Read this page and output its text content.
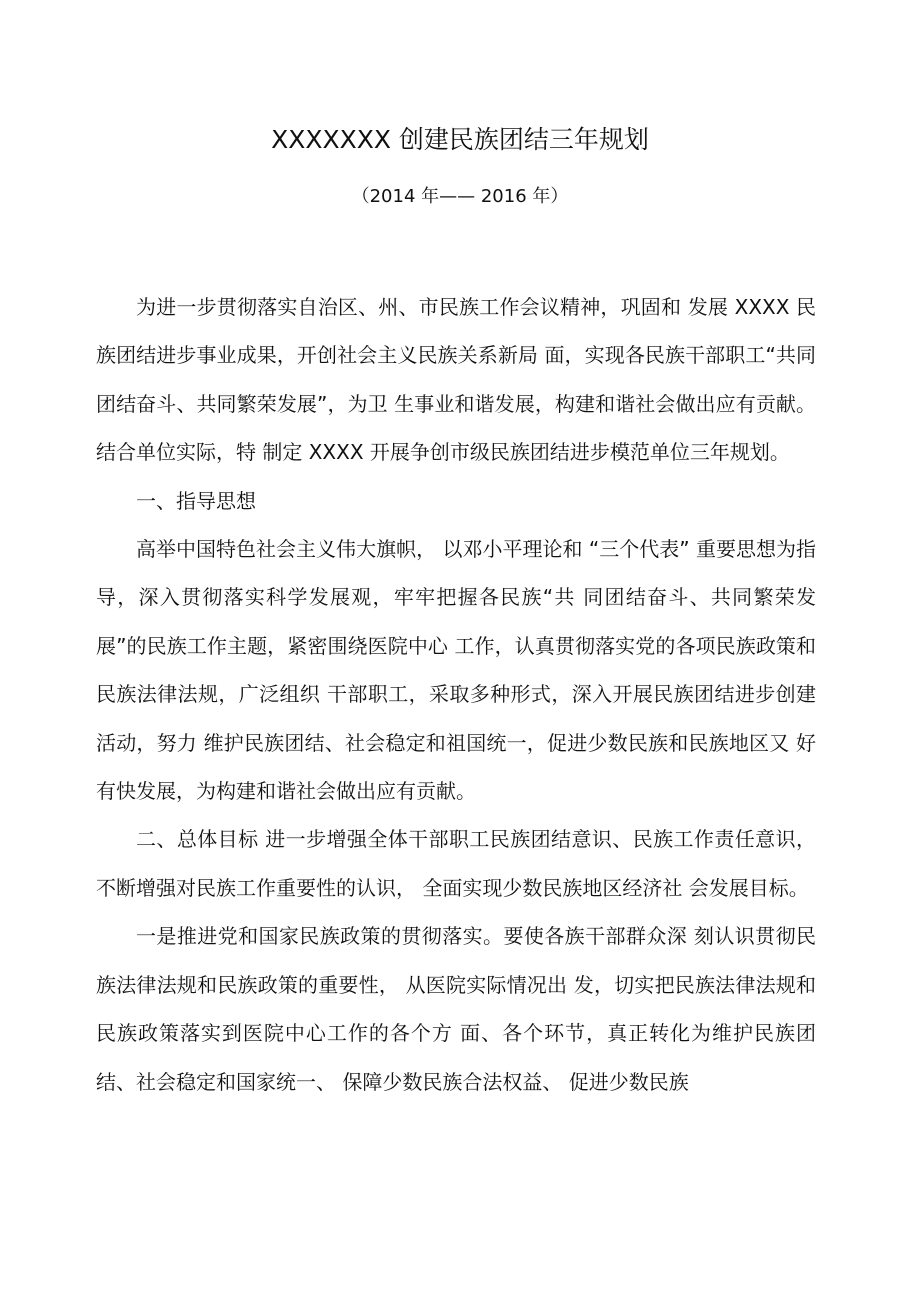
XXXXXXX 创建民族团结三年规划
（2014 年—— 2016 年）

为进一步贯彻落实自治区、州、市民族工作会议精神，巩固和 发展 XXXX 民族团结进步事业成果，开创社会主义民族关系新局 面，实现各民族干部职工“共同团结奋斗、共同繁荣发展”，为卫 生事业和谐发展，构建和谐社会做出应有贡献。结合单位实际，特 制定 XXXX 开展争创市级民族团结进步模范单位三年规划。

一、指导思想

高举中国特色社会主义伟大旗帜， 以邓小平理论和 “三个代表” 重要思想为指导，深入贯彻落实科学发展观，牢牢把握各民族“共 同团结奋斗、共同繁荣发展”的民族工作主题，紧密围绕医院中心 工作，认真贯彻落实党的各项民族政策和民族法律法规，广泛组织 干部职工，采取多种形式，深入开展民族团结进步创建活动，努力 维护民族团结、社会稳定和祖国统一，促进少数民族和民族地区又 好有快发展，为构建和谐社会做出应有贡献。

二、总体目标 进一步增强全体干部职工民族团结意识、民族工作责任意识， 不断增强对民族工作重要性的认识， 全面实现少数民族地区经济社 会发展目标。

一是推进党和国家民族政策的贯彻落实。要使各族干部群众深 刻认识贯彻民族法律法规和民族政策的重要性， 从医院实际情况出 发，切实把民族法律法规和民族政策落实到医院中心工作的各个方 面、各个环节，真正转化为维护民族团结、社会稳定和国家统一、 保障少数民族合法权益、 促进少数民族
